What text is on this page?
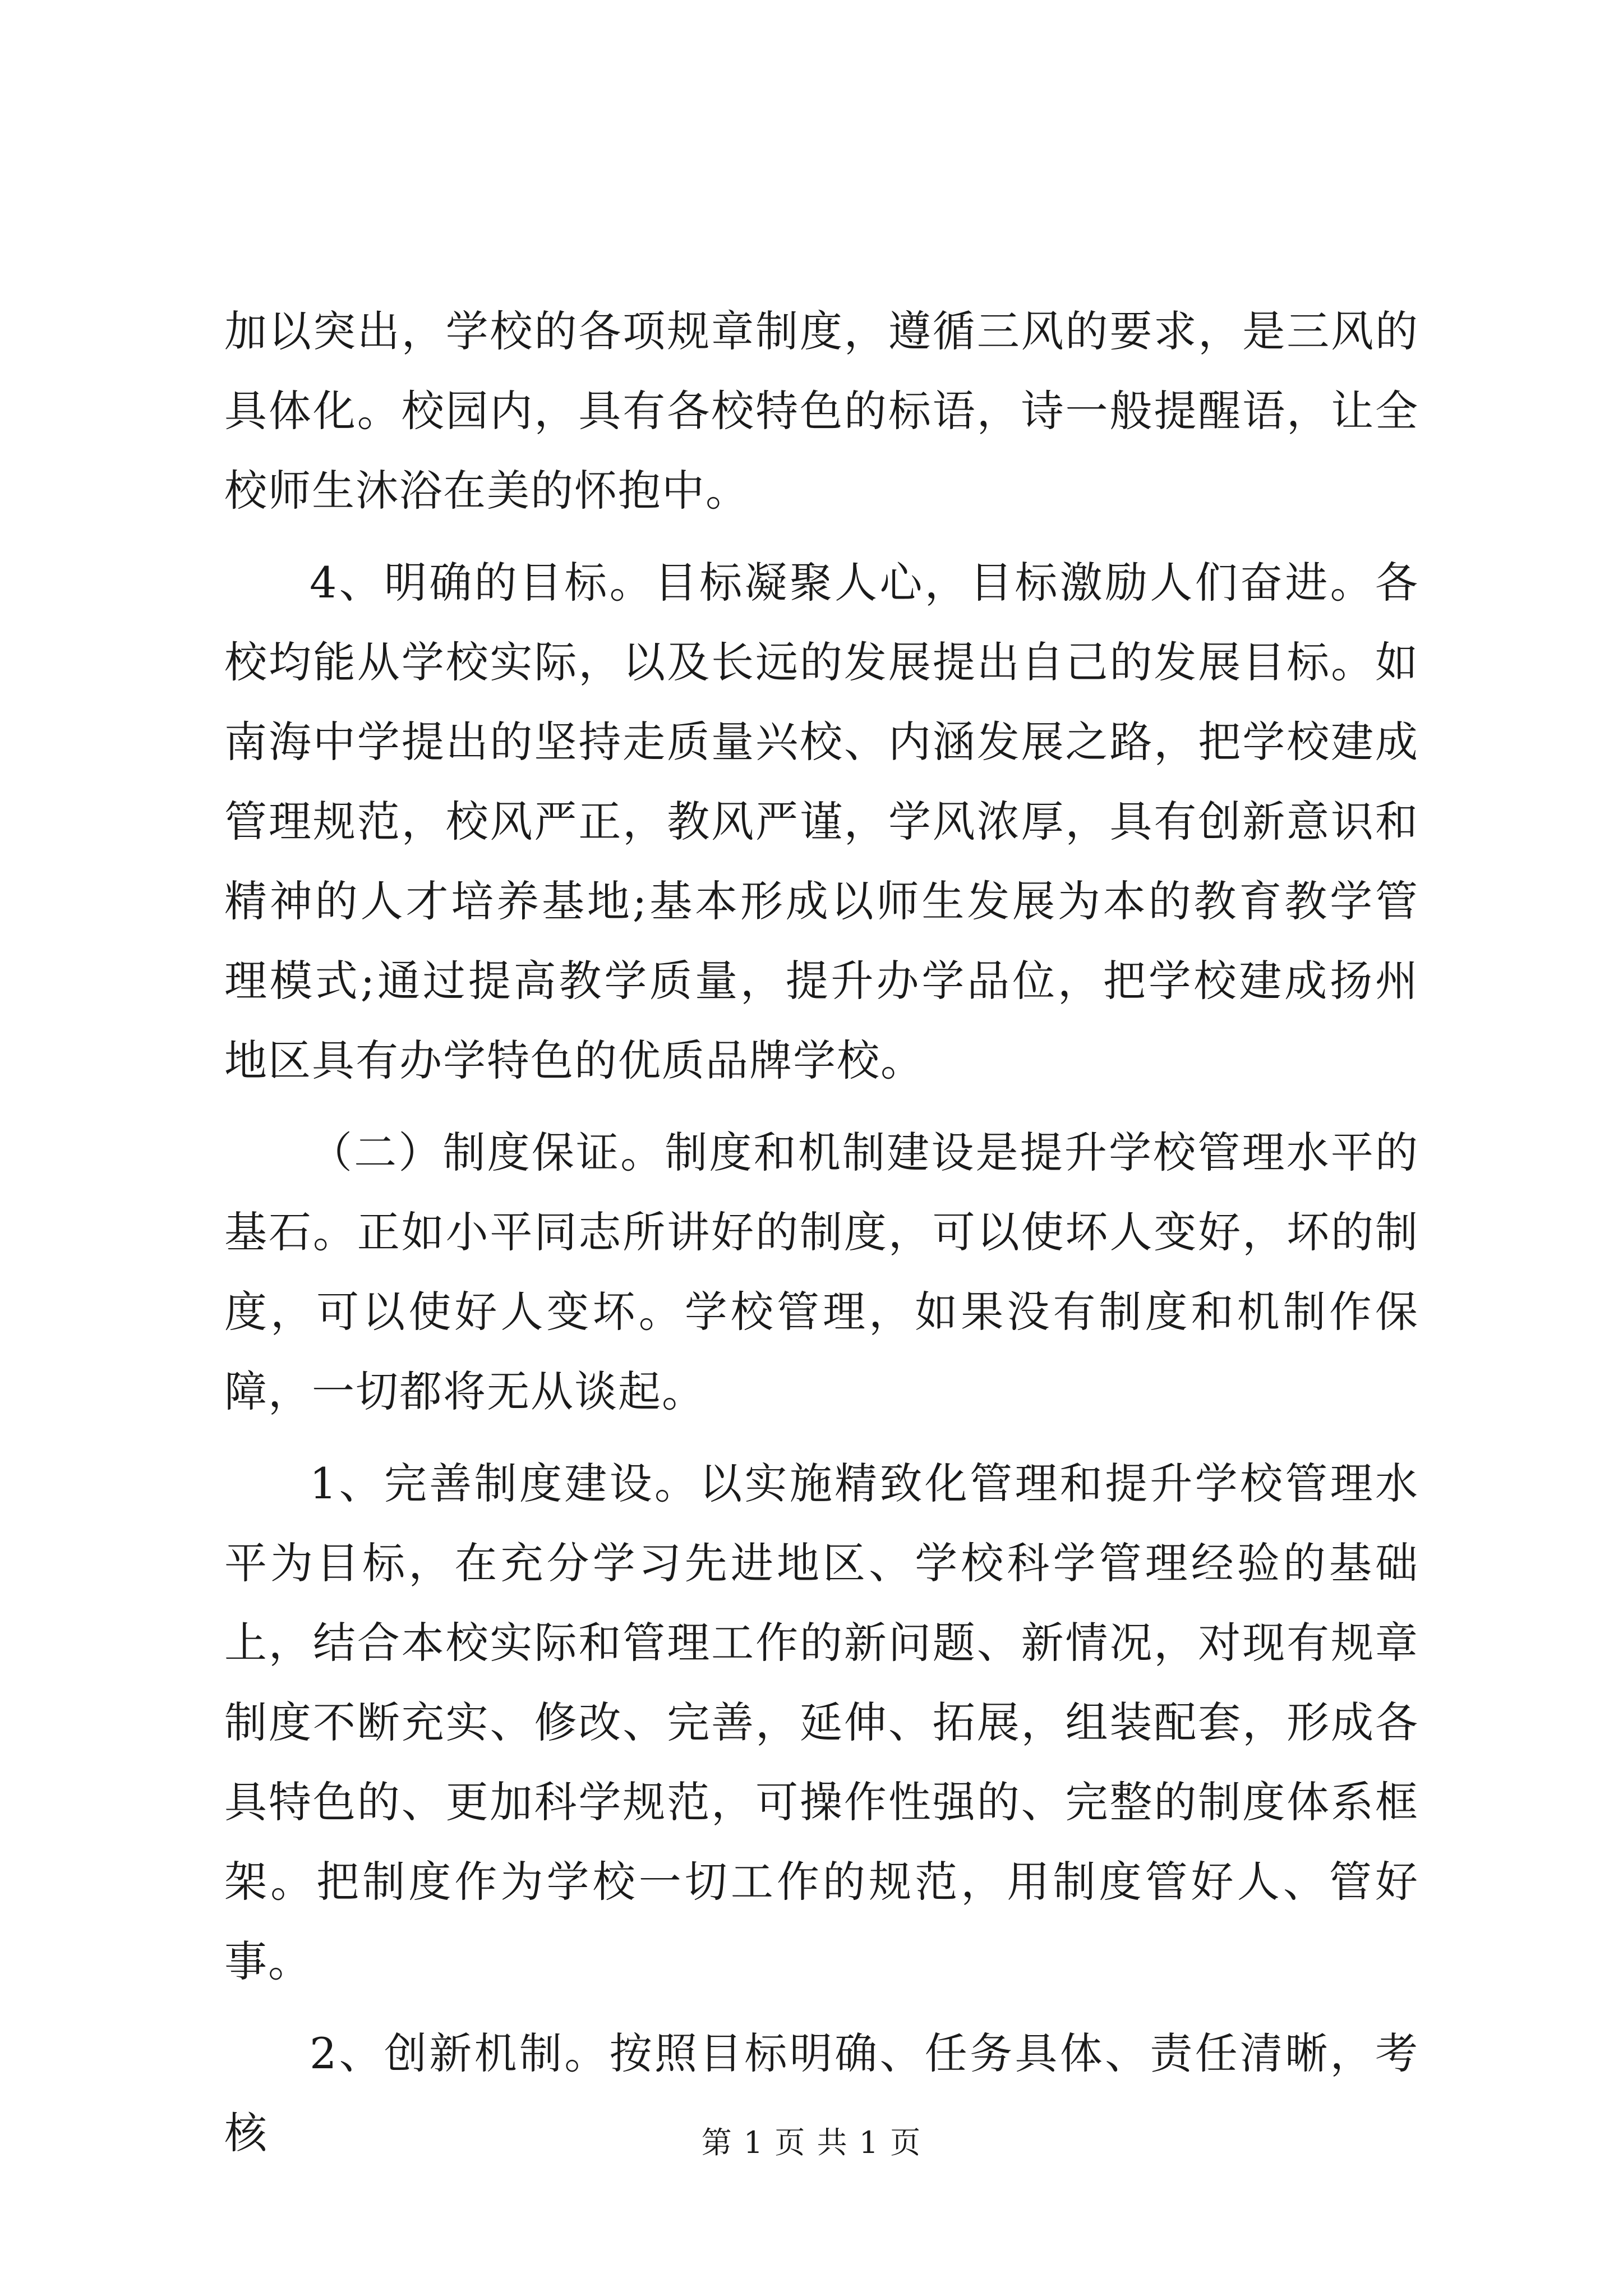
加以突出，学校的各项规章制度，遵循三风的要求，是三风的具体化。校园内，具有各校特色的标语，诗一般提醒语，让全校师生沐浴在美的怀抱中。

4、明确的目标。目标凝聚人心，目标激励人们奋进。各校均能从学校实际，以及长远的发展提出自己的发展目标。如南海中学提出的坚持走质量兴校、内涵发展之路，把学校建成管理规范，校风严正，教风严谨，学风浓厚，具有创新意识和精神的人才培养基地;基本形成以师生发展为本的教育教学管理模式;通过提高教学质量，提升办学品位，把学校建成扬州地区具有办学特色的优质品牌学校。

（二）制度保证。制度和机制建设是提升学校管理水平的基石。正如小平同志所讲好的制度，可以使坏人变好，坏的制度，可以使好人变坏。学校管理，如果没有制度和机制作保障，一切都将无从谈起。

1、完善制度建设。以实施精致化管理和提升学校管理水平为目标，在充分学习先进地区、学校科学管理经验的基础上，结合本校实际和管理工作的新问题、新情况，对现有规章制度不断充实、修改、完善，延伸、拓展，组装配套，形成各具特色的、更加科学规范，可操作性强的、完整的制度体系框架。把制度作为学校一切工作的规范，用制度管好人、管好事。

2、创新机制。按照目标明确、任务具体、责任清晰，考核	第 1 页 共 1 页
